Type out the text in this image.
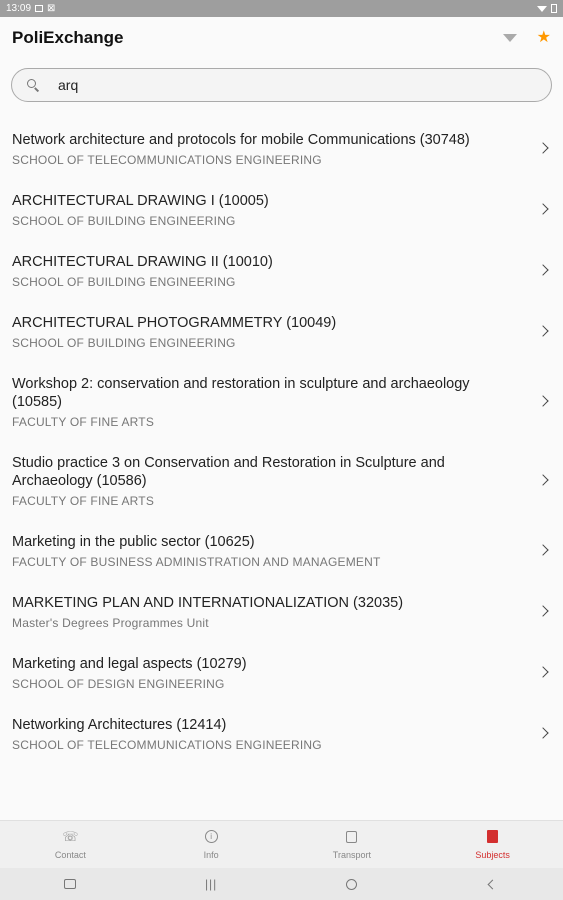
13:09 ⊠
PoliExchange	★
arq
Network architecture and protocols for mobile Communications (30748)
SCHOOL OF TELECOMMUNICATIONS ENGINEERING
ARCHITECTURAL DRAWING I (10005)
SCHOOL OF BUILDING ENGINEERING
ARCHITECTURAL DRAWING II (10010)
SCHOOL OF BUILDING ENGINEERING
ARCHITECTURAL PHOTOGRAMMETRY (10049)
SCHOOL OF BUILDING ENGINEERING
Workshop 2: conservation and restoration in sculpture and archaeology (10585)
FACULTY OF FINE ARTS
Studio practice 3 on Conservation and Restoration in Sculpture and Archaeology (10586)
FACULTY OF FINE ARTS
Marketing in the public sector (10625)
FACULTY OF BUSINESS ADMINISTRATION AND MANAGEMENT
MARKETING PLAN AND INTERNATIONALIZATION (32035)
Master's Degrees Programmes Unit
Marketing and legal aspects (10279)
SCHOOL OF DESIGN ENGINEERING
Networking Architectures (12414)
SCHOOL OF TELECOMMUNICATIONS ENGINEERING
☏
Contact
i
Info	Transport	Subjects
|||
